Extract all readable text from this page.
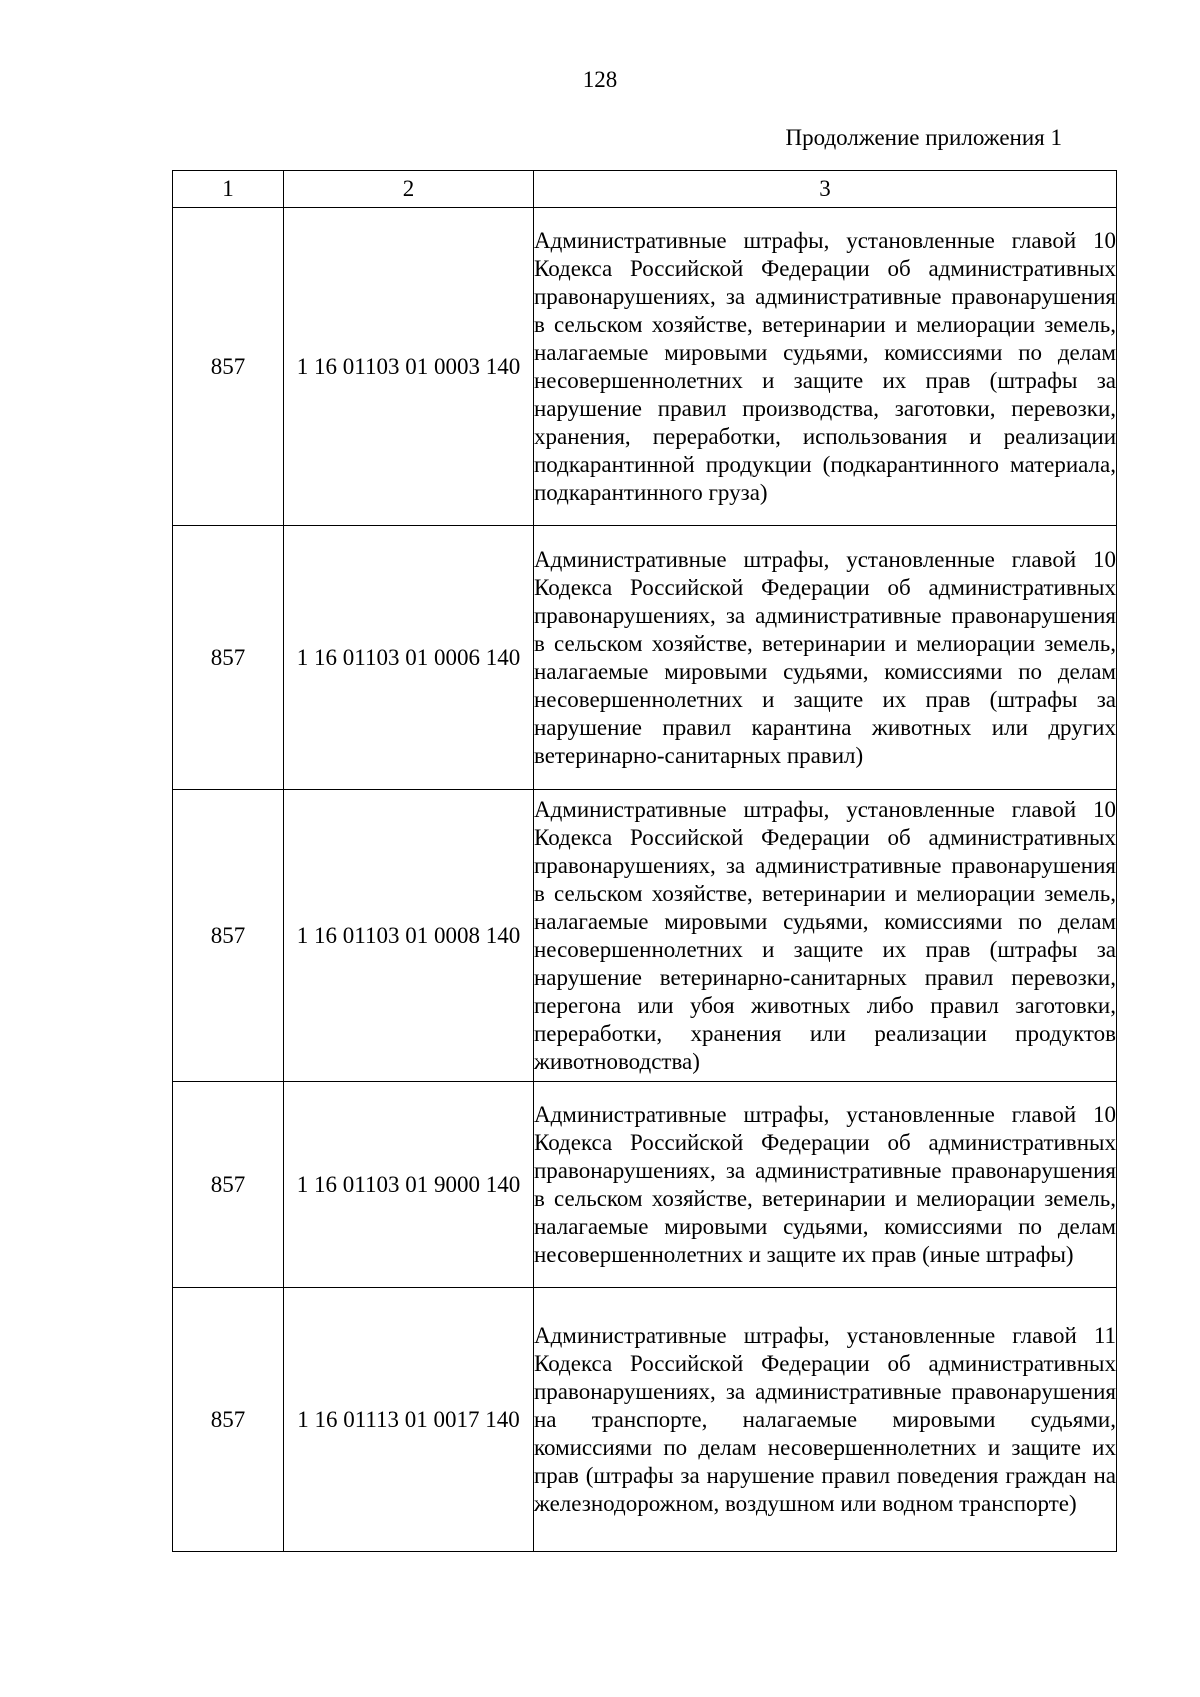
128
Продолжение приложения 1
1	2	3
857	1 16 01103 01 0003 140	Административные штрафы, установленные главой 10 Кодекса Российской Федерации об административных правонарушениях, за административные правонарушения в сельском хозяйстве, ветеринарии и мелиорации земель, налагаемые мировыми судьями, комиссиями по делам несовершеннолетних и защите их прав (штрафы за нарушение правил производства, заготовки, перевозки, хранения, переработки, использования и реализации подкарантинной продукции (подкарантинного материала, подкарантинного груза)
857	1 16 01103 01 0006 140	Административные штрафы, установленные главой 10 Кодекса Российской Федерации об административных правонарушениях, за административные правонарушения в сельском хозяйстве, ветеринарии и мелиорации земель, налагаемые мировыми судьями, комиссиями по делам несовершеннолетних и защите их прав (штрафы за нарушение правил карантина животных или других ветеринарно-санитарных правил)
857	1 16 01103 01 0008 140	Административные штрафы, установленные главой 10 Кодекса Российской Федерации об административных правонарушениях, за административные правонарушения в сельском хозяйстве, ветеринарии и мелиорации земель, налагаемые мировыми судьями, комиссиями по делам несовершеннолетних и защите их прав (штрафы за нарушение ветеринарно-санитарных правил перевозки, перегона или убоя животных либо правил заготовки, переработки, хранения или реализации продуктов животноводства)
857	1 16 01103 01 9000 140	Административные штрафы, установленные главой 10 Кодекса Российской Федерации об административных правонарушениях, за административные правонарушения в сельском хозяйстве, ветеринарии и мелиорации земель, налагаемые мировыми судьями, комиссиями по делам несовершеннолетних и защите их прав (иные штрафы)
857	1 16 01113 01 0017 140	Административные штрафы, установленные главой 11 Кодекса Российской Федерации об административных правонарушениях, за административные правонарушения на транспорте, налагаемые мировыми судьями, комиссиями по делам несовершеннолетних и защите их прав (штрафы за нарушение правил поведения граждан на железнодорожном, воздушном или водном транспорте)
